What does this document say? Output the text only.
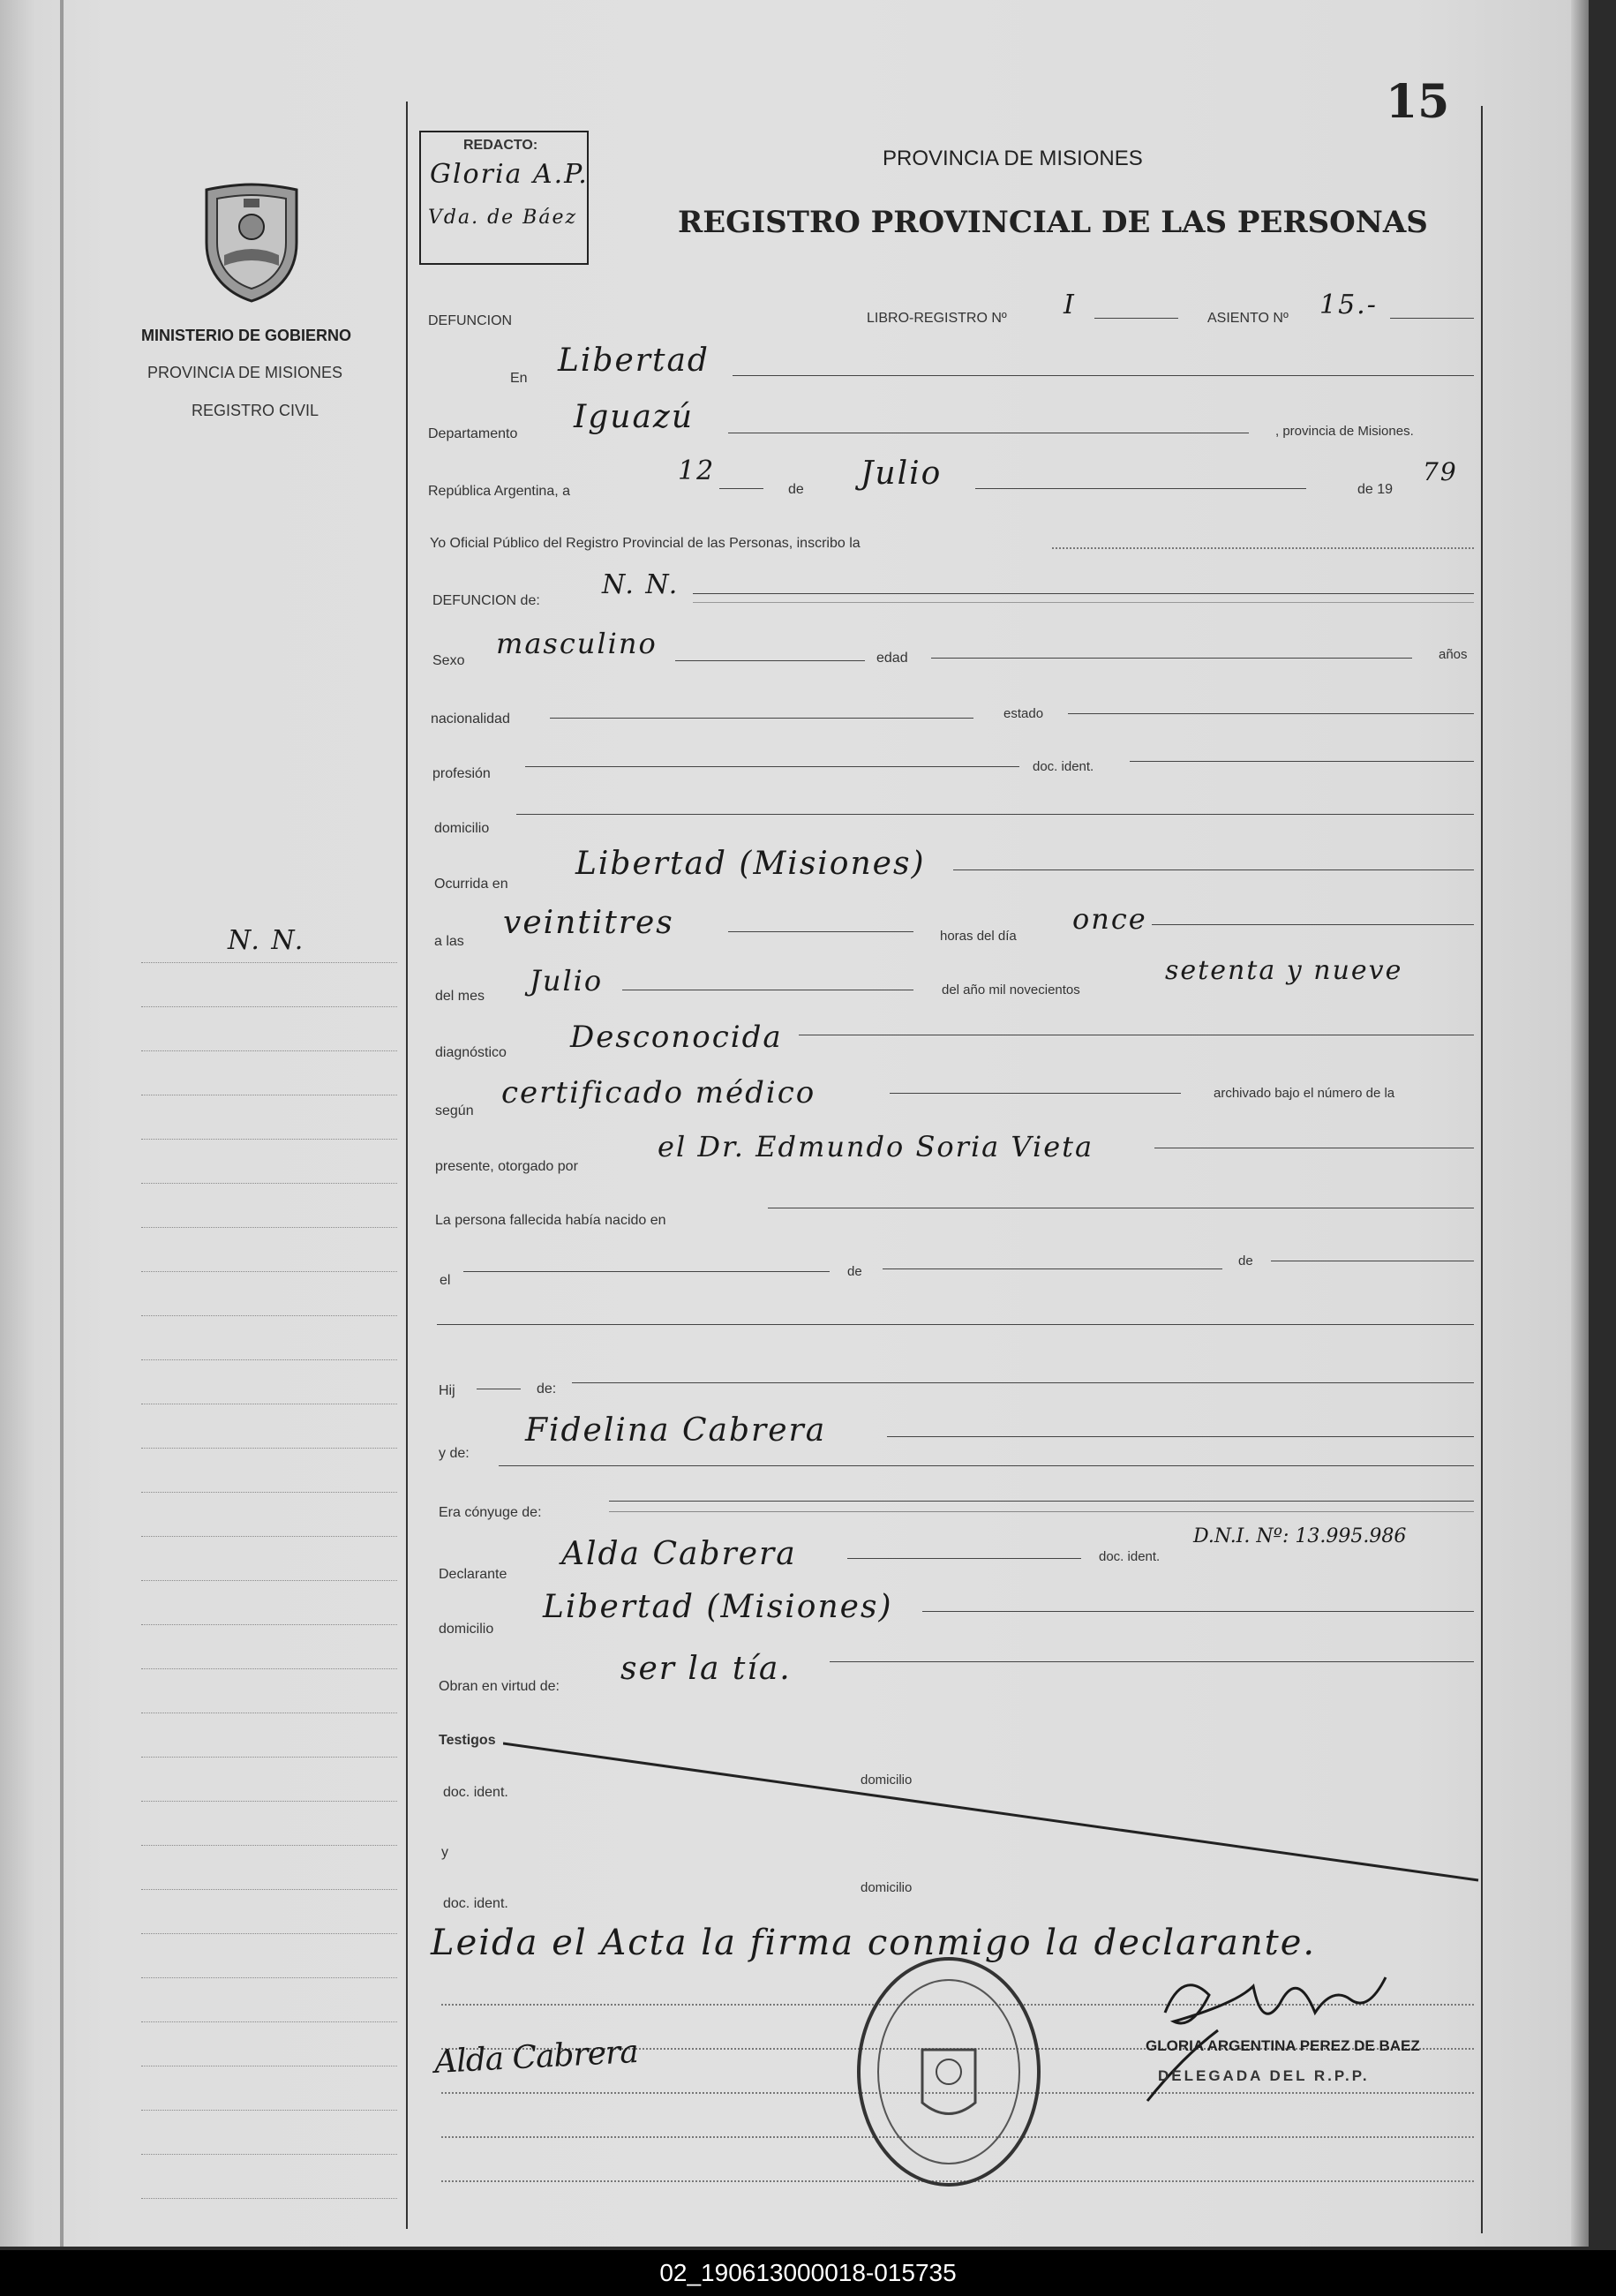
15
MINISTERIO DE GOBIERNO
PROVINCIA DE MISIONES
REGISTRO CIVIL
N. N.
REDACTO:
Gloria A.P.
Vda. de Báez
PROVINCIA DE MISIONES
REGISTRO PROVINCIAL DE LAS PERSONAS
DEFUNCION	LIBRO-REGISTRO Nº I	ASIENTO Nº 15.-
En Libertad
Departamento Iguazú	, provincia de Misiones.
República Argentina, a
12
de Julio	de 19
79
Yo Oficial Público del Registro Provincial de las Personas, inscribo la
DEFUNCION de:
N. N.
Sexo
masculino	edad	años
nacionalidad	estado
profesión	doc. ident.
domicilio
Ocurrida en
Libertad (Misiones)
a las
veintitres	horas del día
once
del mes Julio	del año mil novecientos
setenta y nueve
diagnóstico Desconocida
según
certificado médico	archivado bajo el número de la
presente, otorgado por
el Dr. Edmundo Soria Vieta
La persona fallecida había nacido en
el
de
de
Hij	de:
y de:
Fidelina Cabrera
Era cónyuge de:
Declarante
Alda Cabrera	doc. ident.
D.N.I. Nº: 13.995.986
domicilio
Libertad (Misiones)
Obran en virtud de: ser la tía.
Testigos
doc. ident.
domicilio
y
doc. ident.
domicilio
Leida el Acta la firma conmigo la declarante.
Alda Cabrera	GLORIA ARGENTINA PEREZ DE BAEZ
DELEGADA DEL R.P.P.
02_190613000018-015735
